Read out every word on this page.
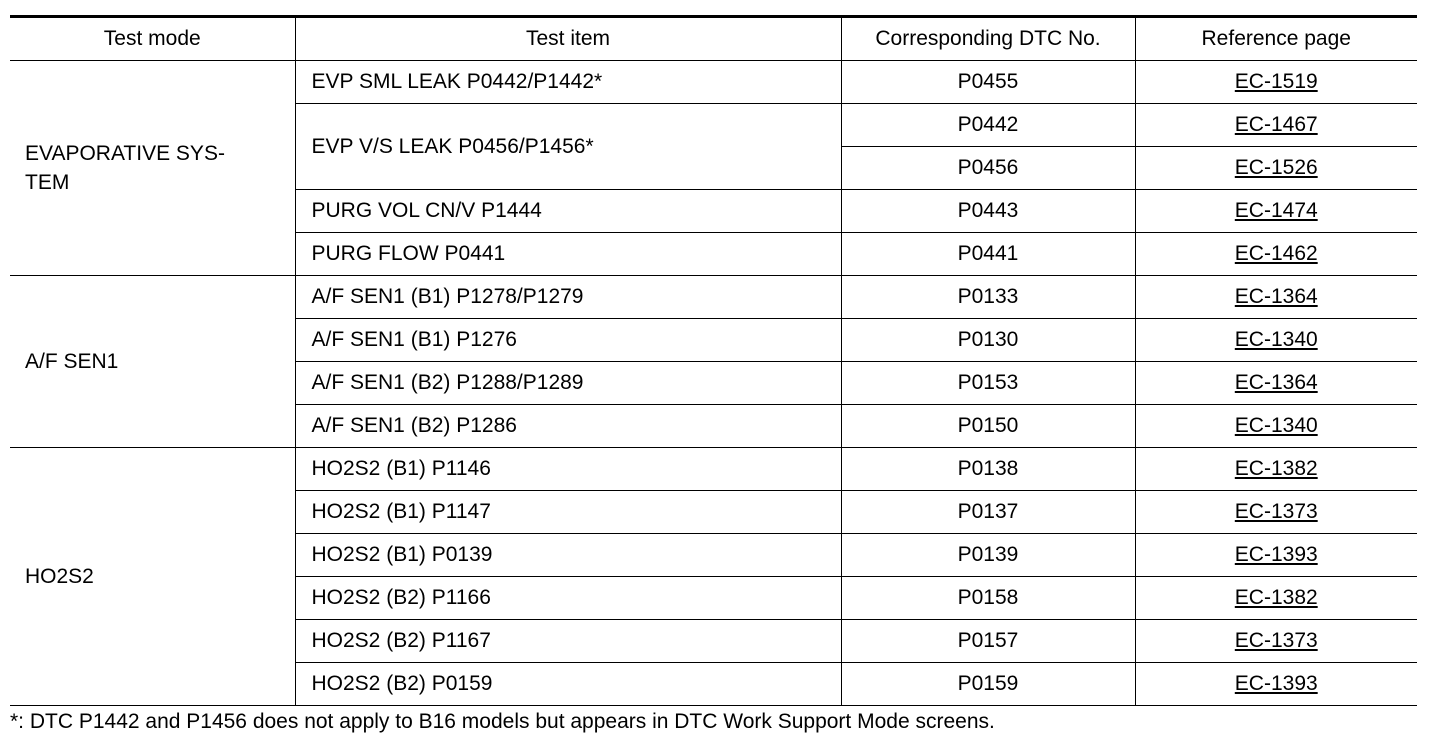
Test mode	Test item	Corresponding DTC No.	Reference page
EVAPORATIVE SYS-TEM	EVP SML LEAK P0442/P1442*	P0455	EC-1519
	EVP V/S LEAK P0456/P1456*	P0442	EC-1467
		P0456	EC-1526
	PURG VOL CN/V P1444	P0443	EC-1474
	PURG FLOW P0441	P0441	EC-1462
A/F SEN1	A/F SEN1 (B1) P1278/P1279	P0133	EC-1364
	A/F SEN1 (B1) P1276	P0130	EC-1340
	A/F SEN1 (B2) P1288/P1289	P0153	EC-1364
	A/F SEN1 (B2) P1286	P0150	EC-1340
HO2S2	HO2S2 (B1) P1146	P0138	EC-1382
	HO2S2 (B1) P1147	P0137	EC-1373
	HO2S2 (B1) P0139	P0139	EC-1393
	HO2S2 (B2) P1166	P0158	EC-1382
	HO2S2 (B2) P1167	P0157	EC-1373
	HO2S2 (B2) P0159	P0159	EC-1393
*: DTC P1442 and P1456 does not apply to B16 models but appears in DTC Work Support Mode screens.
